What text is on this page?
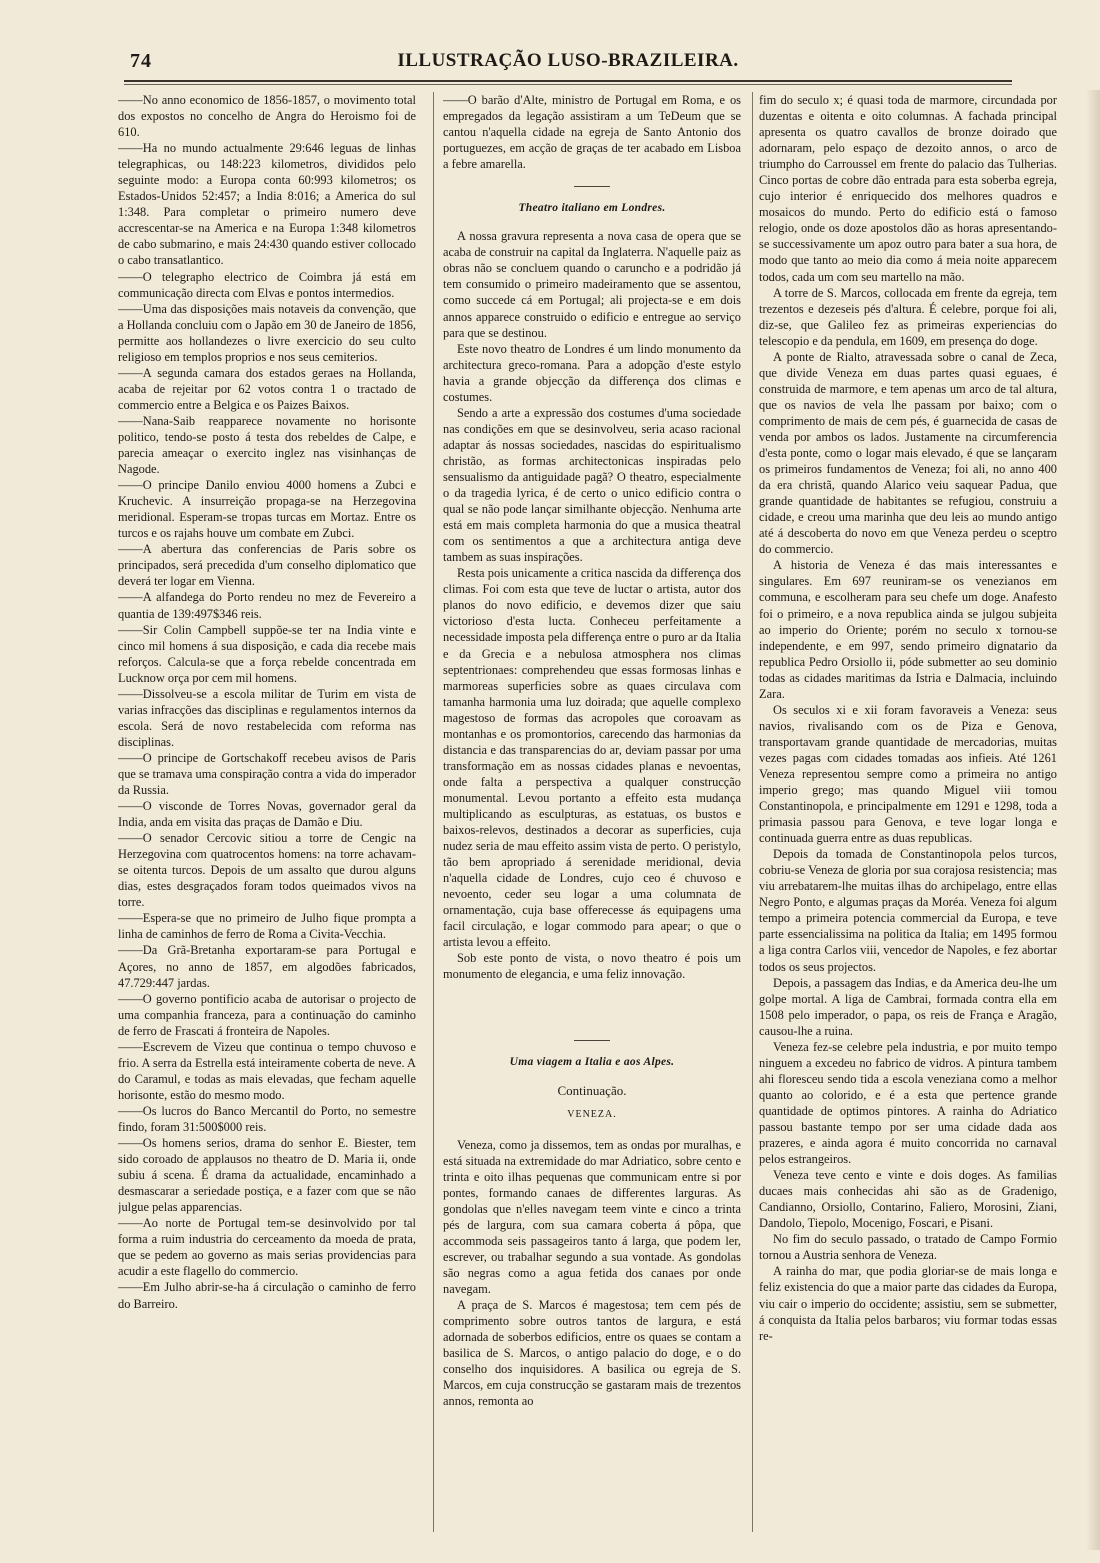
74	ILLUSTRAÇÃO LUSO-BRAZILEIRA.

——No anno economico de 1856-1857, o movimento total dos expostos no concelho de Angra do Heroismo foi de 610.

——Ha no mundo actualmente 29:646 leguas de linhas telegraphicas, ou 148:223 kilometros, divididos pelo seguinte modo: a Europa conta 60:993 kilometros; os Estados-Unidos 52:457; a India 8:016; a America do sul 1:348. Para completar o primeiro numero deve accrescentar-se na America e na Europa 1:348 kilometros de cabo submarino, e mais 24:430 quando estiver collocado o cabo transatlantico.

——O telegrapho electrico de Coimbra já está em communicação directa com Elvas e pontos intermedios.

——Uma das disposições mais notaveis da convenção, que a Hollanda concluiu com o Japão em 30 de Janeiro de 1856, permitte aos hollandezes o livre exercicio do seu culto religioso em templos proprios e nos seus cemiterios.

——A segunda camara dos estados geraes na Hollanda, acaba de rejeitar por 62 votos contra 1 o tractado de commercio entre a Belgica e os Paizes Baixos.

——Nana-Saib reapparece novamente no horisonte politico, tendo-se posto á testa dos rebeldes de Calpe, e parecia ameaçar o exercito inglez nas visinhanças de Nagode.

——O principe Danilo enviou 4000 homens a Zubci e Kruchevic. A insurreição propaga-se na Herzegovina meridional. Esperam-se tropas turcas em Mortaz. Entre os turcos e os rajahs houve um combate em Zubci.

——A abertura das conferencias de Paris sobre os principados, será precedida d'um conselho diplomatico que deverá ter logar em Vienna.

——A alfandega do Porto rendeu no mez de Fevereiro a quantia de 139:497$346 reis.

——Sir Colin Campbell suppõe-se ter na India vinte e cinco mil homens á sua disposição, e cada dia recebe mais reforços. Calcula-se que a força rebelde concentrada em Lucknow orça por cem mil homens.

——Dissolveu-se a escola militar de Turim em vista de varias infracções das disciplinas e regulamentos internos da escola. Será de novo restabelecida com reforma nas disciplinas.

——O principe de Gortschakoff recebeu avisos de Paris que se tramava uma conspiração contra a vida do imperador da Russia.

——O visconde de Torres Novas, governador geral da India, anda em visita das praças de Damão e Diu.

——O senador Cercovic sitiou a torre de Cengic na Herzegovina com quatrocentos homens: na torre achavam-se oitenta turcos. Depois de um assalto que durou alguns dias, estes desgraçados foram todos queimados vivos na torre.

——Espera-se que no primeiro de Julho fique prompta a linha de caminhos de ferro de Roma a Civita-Vecchia.

——Da Grã-Bretanha exportaram-se para Portugal e Açores, no anno de 1857, em algodões fabricados, 47.729:447 jardas.

——O governo pontificio acaba de autorisar o projecto de uma companhia franceza, para a continuação do caminho de ferro de Frascati á fronteira de Napoles.

——Escrevem de Vizeu que continua o tempo chuvoso e frio. A serra da Estrella está inteiramente coberta de neve. A do Caramul, e todas as mais elevadas, que fecham aquelle horisonte, estão do mesmo modo.

——Os lucros do Banco Mercantil do Porto, no semestre findo, foram 31:500$000 reis.

——Os homens serios, drama do senhor E. Biester, tem sido coroado de applausos no theatro de D. Maria ii, onde subiu á scena. É drama da actualidade, encaminhado a desmascarar a seriedade postiça, e a fazer com que se não julgue pelas apparencias.

——Ao norte de Portugal tem-se desinvolvido por tal forma a ruim industria do cerceamento da moeda de prata, que se pedem ao governo as mais serias providencias para acudir a este flagello do commercio.

——Em Julho abrir-se-ha á circulação o caminho de ferro do Barreiro.

——O barão d'Alte, ministro de Portugal em Roma, e os empregados da legação assistiram a um TeDeum que se cantou n'aquella cidade na egreja de Santo Antonio dos portuguezes, em acção de graças de ter acabado em Lisboa a febre amarella.

Theatro italiano em Londres.

A nossa gravura representa a nova casa de opera que se acaba de construir na capital da Inglaterra. N'aquelle paiz as obras não se concluem quando o caruncho e a podridão já tem consumido o primeiro madeiramento que se assentou, como succede cá em Portugal; ali projecta-se e em dois annos apparece construido o edificio e entregue ao serviço para que se destinou.

Este novo theatro de Londres é um lindo monumento da architectura greco-romana. Para a adopção d'este estylo havia a grande objecção da differença dos climas e costumes.

Sendo a arte a expressão dos costumes d'uma sociedade nas condições em que se desinvolveu, seria acaso racional adaptar ás nossas sociedades, nascidas do espiritualismo christão, as formas architectonicas inspiradas pelo sensualismo da antiguidade pagã? O theatro, especialmente o da tragedia lyrica, é de certo o unico edificio contra o qual se não pode lançar similhante objecção. Nenhuma arte está em mais completa harmonia do que a musica theatral com os sentimentos a que a architectura antiga deve tambem as suas inspirações.

Resta pois unicamente a critica nascida da differença dos climas. Foi com esta que teve de luctar o artista, autor dos planos do novo edificio, e devemos dizer que saiu victorioso d'esta lucta. Conheceu perfeitamente a necessidade imposta pela differença entre o puro ar da Italia e da Grecia e a nebulosa atmosphera nos climas septentrionaes: comprehendeu que essas formosas linhas e marmoreas superficies sobre as quaes circulava com tamanha harmonia uma luz doirada; que aquelle complexo magestoso de formas das acropoles que coroavam as montanhas e os promontorios, carecendo das harmonias da distancia e das transparencias do ar, deviam passar por uma transformação em as nossas cidades planas e nevoentas, onde falta a perspectiva a qualquer construcção monumental. Levou portanto a effeito esta mudança multiplicando as esculpturas, as estatuas, os bustos e baixos-relevos, destinados a decorar as superficies, cuja nudez seria de mau effeito assim vista de perto. O peristylo, tão bem apropriado á serenidade meridional, devia n'aquella cidade de Londres, cujo ceo é chuvoso e nevoento, ceder seu logar a uma columnata de ornamentação, cuja base offerecesse ás equipagens uma facil circulação, e logar commodo para apear; o que o artista levou a effeito.

Sob este ponto de vista, o novo theatro é pois um monumento de elegancia, e uma feliz innovação.

Uma viagem a Italia e aos Alpes.
Continuação.
VENEZA.

Veneza, como ja dissemos, tem as ondas por muralhas, e está situada na extremidade do mar Adriatico, sobre cento e trinta e oito ilhas pequenas que communicam entre si por pontes, formando canaes de differentes larguras. As gondolas que n'elles navegam teem vinte e cinco a trinta pés de largura, com sua camara coberta á pôpa, que accommoda seis passageiros tanto á larga, que podem ler, escrever, ou trabalhar segundo a sua vontade. As gondolas são negras como a agua fetida dos canaes por onde navegam.

A praça de S. Marcos é magestosa; tem cem pés de comprimento sobre outros tantos de largura, e está adornada de soberbos edificios, entre os quaes se contam a basilica de S. Marcos, o antigo palacio do doge, e o do conselho dos inquisidores. A basilica ou egreja de S. Marcos, em cuja construcção se gastaram mais de trezentos annos, remonta ao

fim do seculo x; é quasi toda de marmore, circundada por duzentas e oitenta e oito columnas. A fachada principal apresenta os quatro cavallos de bronze doirado que adornaram, pelo espaço de dezoito annos, o arco de triumpho do Carroussel em frente do palacio das Tulherias. Cinco portas de cobre dão entrada para esta soberba egreja, cujo interior é enriquecido dos melhores quadros e mosaicos do mundo. Perto do edificio está o famoso relogio, onde os doze apostolos dão as horas apresentando-se successivamente um apoz outro para bater a sua hora, de modo que tanto ao meio dia como á meia noite apparecem todos, cada um com seu martello na mão.

A torre de S. Marcos, collocada em frente da egreja, tem trezentos e dezeseis pés d'altura. É celebre, porque foi ali, diz-se, que Galileo fez as primeiras experiencias do telescopio e da pendula, em 1609, em presença do doge.

A ponte de Rialto, atravessada sobre o canal de Zeca, que divide Veneza em duas partes quasi eguaes, é construida de marmore, e tem apenas um arco de tal altura, que os navios de vela lhe passam por baixo; com o comprimento de mais de cem pés, é guarnecida de casas de venda por ambos os lados. Justamente na circumferencia d'esta ponte, como o logar mais elevado, é que se lançaram os primeiros fundamentos de Veneza; foi ali, no anno 400 da era christã, quando Alarico veiu saquear Padua, que grande quantidade de habitantes se refugiou, construiu a cidade, e creou uma marinha que deu leis ao mundo antigo até á descoberta do novo em que Veneza perdeu o sceptro do commercio.

A historia de Veneza é das mais interessantes e singulares. Em 697 reuniram-se os venezianos em communa, e escolheram para seu chefe um doge. Anafesto foi o primeiro, e a nova republica ainda se julgou subjeita ao imperio do Oriente; porém no seculo x tornou-se independente, e em 997, sendo primeiro dignatario da republica Pedro Orsiollo ii, póde submetter ao seu dominio todas as cidades maritimas da Istria e Dalmacia, incluindo Zara.

Os seculos xi e xii foram favoraveis a Veneza: seus navios, rivalisando com os de Piza e Genova, transportavam grande quantidade de mercadorias, muitas vezes pagas com cidades tomadas aos infieis. Até 1261 Veneza representou sempre como a primeira no antigo imperio grego; mas quando Miguel viii tomou Constantinopola, e principalmente em 1291 e 1298, toda a primasia passou para Genova, e teve logar longa e continuada guerra entre as duas republicas.

Depois da tomada de Constantinopola pelos turcos, cobriu-se Veneza de gloria por sua corajosa resistencia; mas viu arrebatarem-lhe muitas ilhas do archipelago, entre ellas Negro Ponto, e algumas praças da Moréa. Veneza foi algum tempo a primeira potencia commercial da Europa, e teve parte essencialissima na politica da Italia; em 1495 formou a liga contra Carlos viii, vencedor de Napoles, e fez abortar todos os seus projectos.

Depois, a passagem das Indias, e da America deu-lhe um golpe mortal. A liga de Cambrai, formada contra ella em 1508 pelo imperador, o papa, os reis de França e Aragão, causou-lhe a ruina.

Veneza fez-se celebre pela industria, e por muito tempo ninguem a excedeu no fabrico de vidros. A pintura tambem ahi floresceu sendo tida a escola veneziana como a melhor quanto ao colorido, e é a esta que pertence grande quantidade de optimos pintores. A rainha do Adriatico passou bastante tempo por ser uma cidade dada aos prazeres, e ainda agora é muito concorrida no carnaval pelos estrangeiros.

Veneza teve cento e vinte e dois doges. As familias ducaes mais conhecidas ahi são as de Gradenigo, Candianno, Orsiollo, Contarino, Faliero, Morosini, Ziani, Dandolo, Tiepolo, Mocenigo, Foscari, e Pisani.

No fim do seculo passado, o tratado de Campo Formio tornou a Austria senhora de Veneza.

A rainha do mar, que podia gloriar-se de mais longa e feliz existencia do que a maior parte das cidades da Europa, viu cair o imperio do occidente; assistiu, sem se submetter, á conquista da Italia pelos barbaros; viu formar todas essas re-
